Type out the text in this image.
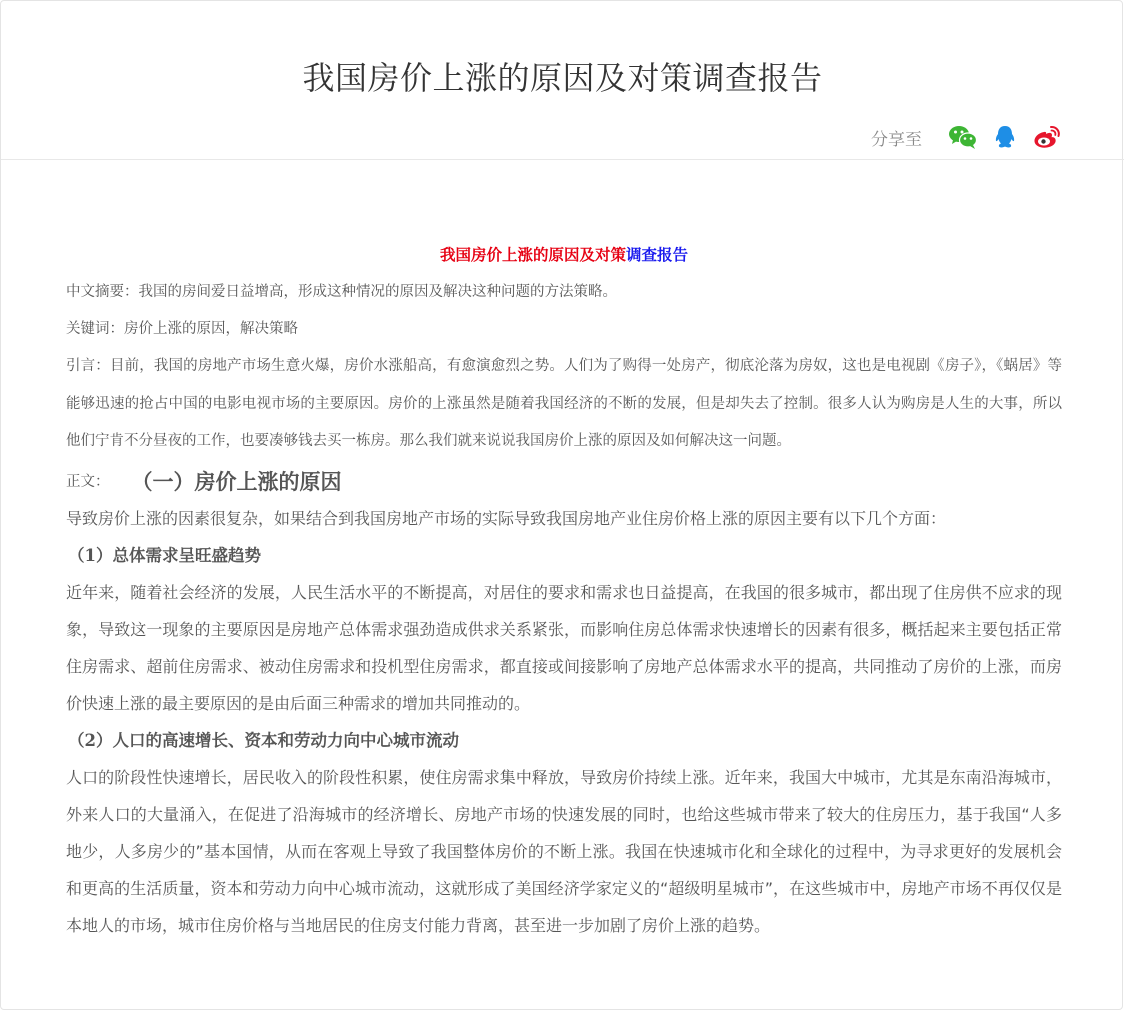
我国房价上涨的原因及对策调查报告
分享至
我国房价上涨的原因及对策调查报告

中文摘要：我国的房间爱日益增高，形成这种情况的原因及解决这种问题的方法策略。

关键词：房价上涨的原因，解决策略

引言：目前，我国的房地产市场生意火爆，房价水涨船高，有愈演愈烈之势。人们为了购得一处房产，彻底沦落为房奴，这也是电视剧《房子》，《蜗居》等能够迅速的抢占中国的电影电视市场的主要原因。房价的上涨虽然是随着我国经济的不断的发展，但是却失去了控制。很多人认为购房是人生的大事，所以他们宁肯不分昼夜的工作，也要凑够钱去买一栋房。那么我们就来说说我国房价上涨的原因及如何解决这一问题。

正文： （一）房价上涨的原因

导致房价上涨的因素很复杂，如果结合到我国房地产市场的实际导致我国房地产业住房价格上涨的原因主要有以下几个方面：

（1）总体需求呈旺盛趋势

近年来，随着社会经济的发展，人民生活水平的不断提高，对居住的要求和需求也日益提高，在我国的很多城市，都出现了住房供不应求的现象，导致这一现象的主要原因是房地产总体需求强劲造成供求关系紧张，而影响住房总体需求快速增长的因素有很多，概括起来主要包括正常住房需求、超前住房需求、被动住房需求和投机型住房需求，都直接或间接影响了房地产总体需求水平的提高，共同推动了房价的上涨，而房价快速上涨的最主要原因的是由后面三种需求的增加共同推动的。

（2）人口的高速增长、资本和劳动力向中心城市流动

人口的阶段性快速增长，居民收入的阶段性积累，使住房需求集中释放，导致房价持续上涨。近年来，我国大中城市，尤其是东南沿海城市，外来人口的大量涌入，在促进了沿海城市的经济增长、房地产市场的快速发展的同时，也给这些城市带来了较大的住房压力，基于我国“人多地少，人多房少的”基本国情，从而在客观上导致了我国整体房价的不断上涨。我国在快速城市化和全球化的过程中，为寻求更好的发展机会和更高的生活质量，资本和劳动力向中心城市流动，这就形成了美国经济学家定义的“超级明星城市”，在这些城市中，房地产市场不再仅仅是本地人的市场，城市住房价格与当地居民的住房支付能力背离，甚至进一步加剧了房价上涨的趋势。
